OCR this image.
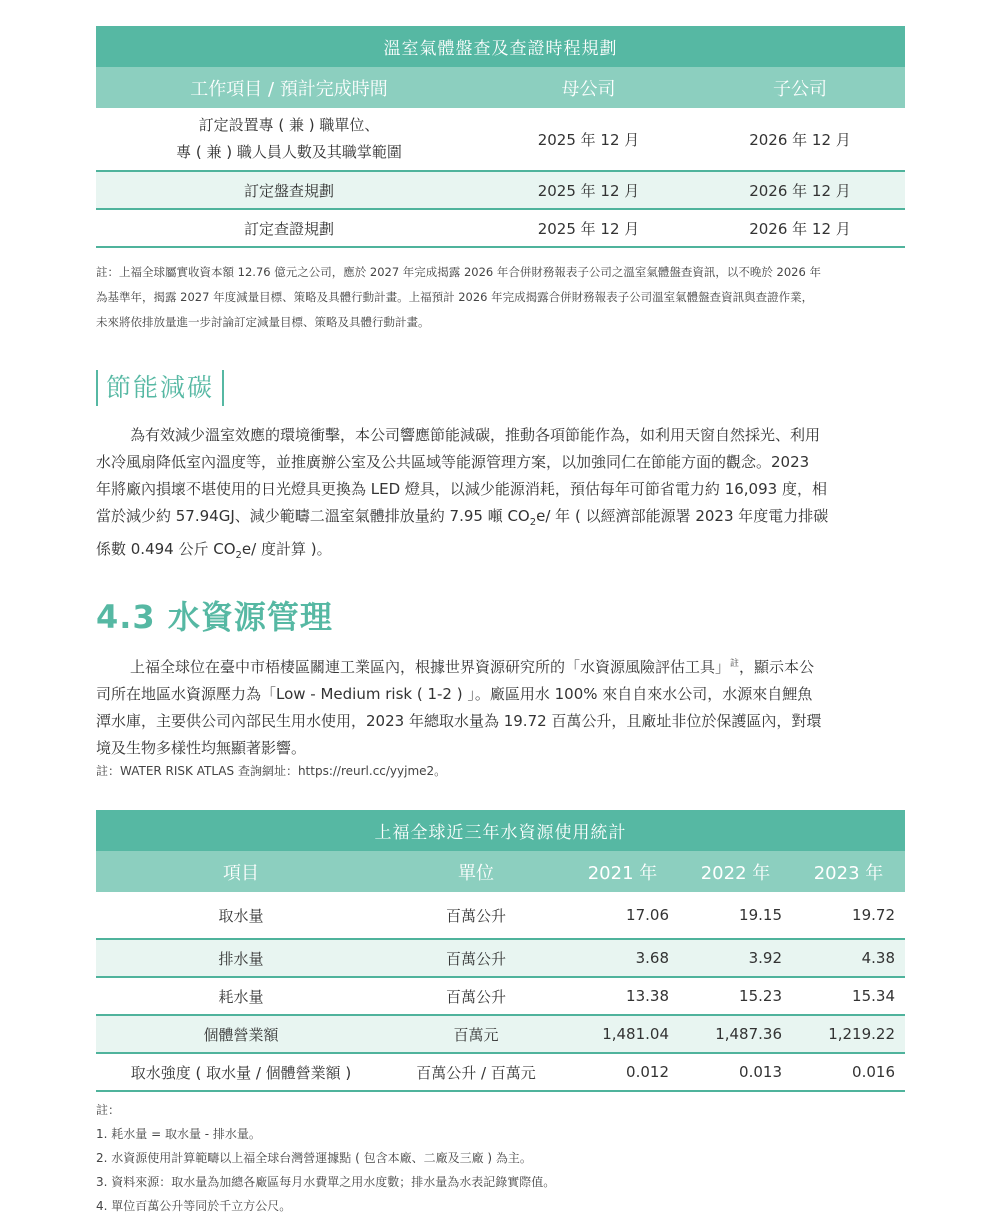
溫室氣體盤查及查證時程規劃		
工作項目 / 預計完成時間	母公司	子公司

訂定設置專 ( 兼 ) 職單位、
專 ( 兼 ) 職人員人數及其職掌範圍	2025 年 12 月	2026 年 12 月
訂定盤查規劃	2025 年 12 月	2026 年 12 月
訂定查證規劃	2025 年 12 月	2026 年 12 月
註：上福全球屬實收資本額 12.76 億元之公司，應於 2027 年完成揭露 2026 年合併財務報表子公司之溫室氣體盤查資訊，以不晚於 2026 年
為基準年，揭露 2027 年度減量目標、策略及具體行動計畫。上福預計 2026 年完成揭露合併財務報表子公司溫室氣體盤查資訊與查證作業，
未來將依排放量進一步討論訂定減量目標、策略及具體行動計畫。
節能減碳
為有效減少溫室效應的環境衝擊，本公司響應節能減碳，推動各項節能作為，如利用天窗自然採光、利用
水冷風扇降低室內溫度等，並推廣辦公室及公共區域等能源管理方案，以加強同仁在節能方面的觀念。2023
年將廠內損壞不堪使用的日光燈具更換為 LED 燈具，以減少能源消耗，預估每年可節省電力約 16,093 度，相
當於減少約 57.94GJ、減少範疇二溫室氣體排放量約 7.95 噸 $CO_2e/$ 年 ( 以經濟部能源署 2023 年度電力排碳
係數 0.494 公斤 $CO_2e/$ 度計算 )。
4.3 水資源管理
上福全球位在臺中市梧棲區關連工業區內，根據世界資源研究所的「水資源風險評估工具」$^註$，顯示本公
司所在地區水資源壓力為「Low - Medium risk ( 1-2 ) 」。廠區用水 100% 來自自來水公司，水源來自鯉魚
潭水庫，主要供公司內部民生用水使用，2023 年總取水量為 19.72 百萬公升，且廠址非位於保護區內，對環
境及生物多樣性均無顯著影響。
註：WATER RISK ATLAS 查詢網址：https://reurl.cc/yyjme2。
上福全球近三年水資源使用統計				
項目	單位	2021 年	2022 年	2023 年
取水量	百萬公升	17.06	19.15	19.72
排水量	百萬公升	3.68	3.92	4.38
耗水量	百萬公升	13.38	15.23	15.34
個體營業額	百萬元	1,481.04	1,487.36	1,219.22
取水強度 ( 取水量 / 個體營業額 )	百萬公升 / 百萬元	0.012	0.013	0.016
註：
1. 耗水量 = 取水量 - 排水量。
2. 水資源使用計算範疇以上福全球台灣營運據點 ( 包含本廠、二廠及三廠 ) 為主。
3. 資料來源：取水量為加總各廠區每月水費單之用水度數；排水量為水表記錄實際值。
4. 單位百萬公升等同於千立方公尺。
